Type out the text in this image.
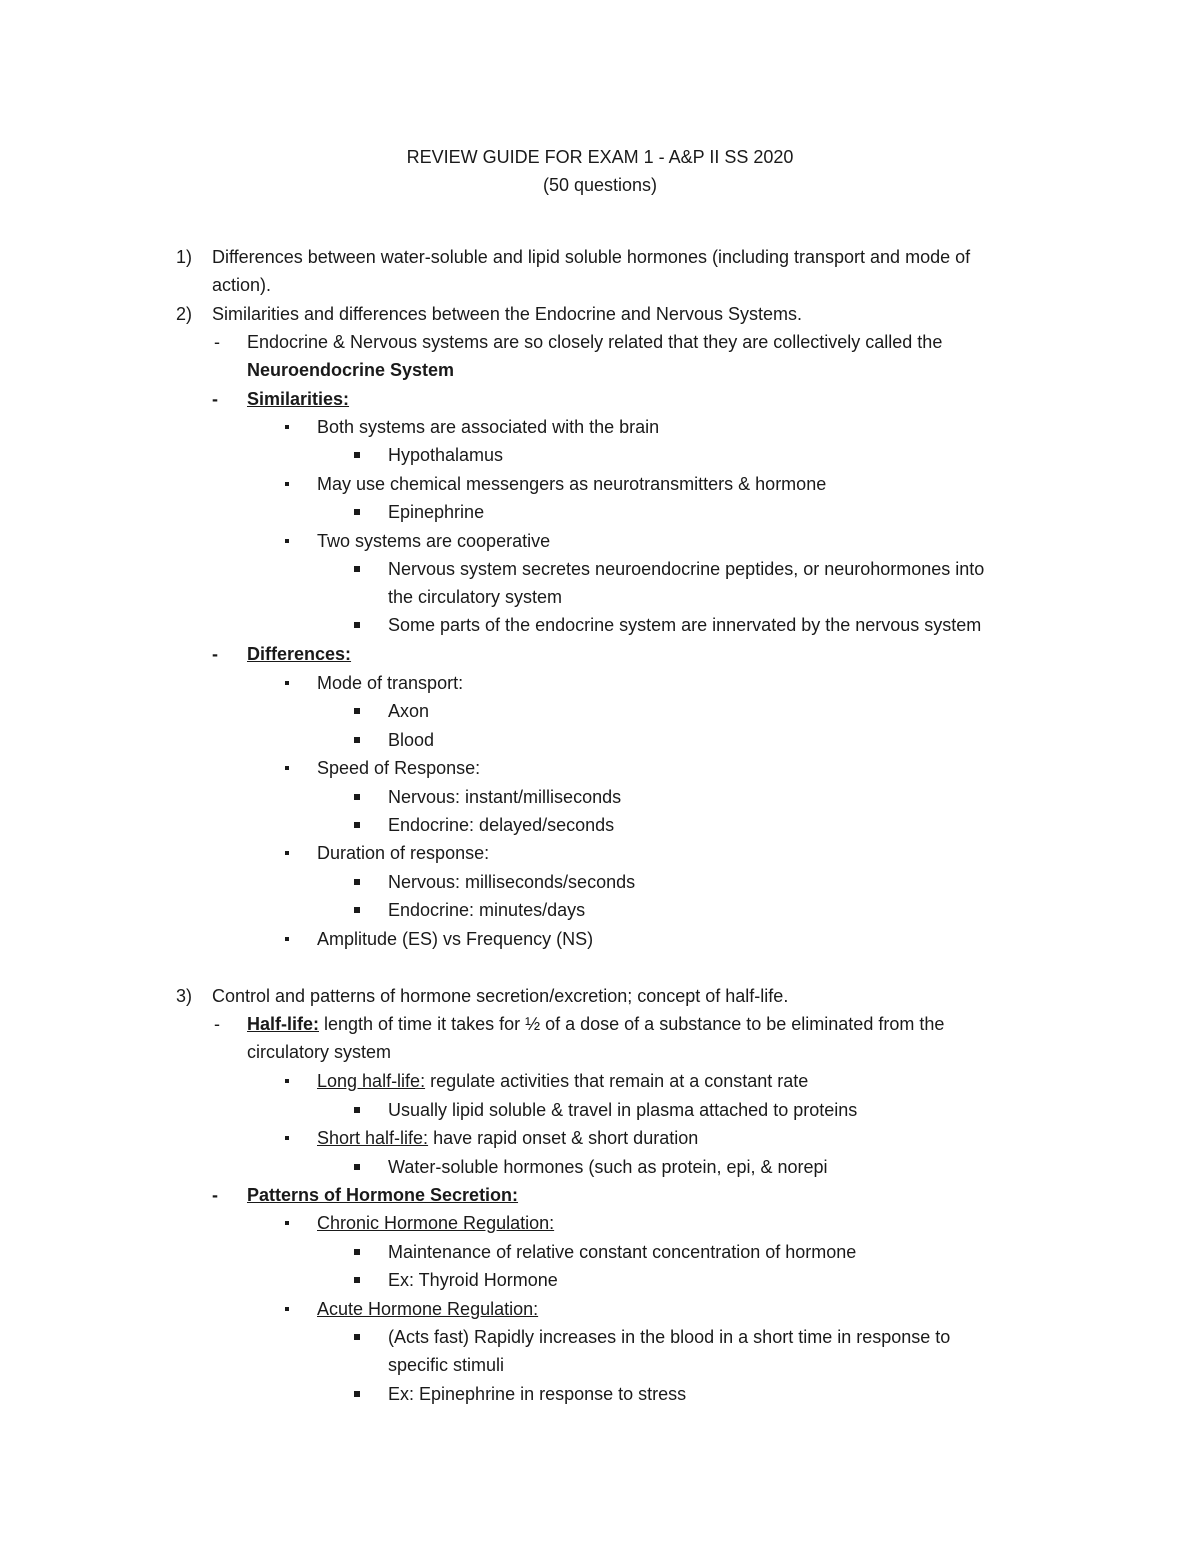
REVIEW GUIDE FOR EXAM 1 - A&P II SS 2020
(50 questions)
1) Differences between water-soluble and lipid soluble hormones (including transport and mode of
action).
2) Similarities and differences between the Endocrine and Nervous Systems.
- Endocrine & Nervous systems are so closely related that they are collectively called the
Neuroendocrine System
- Similarities:
Both systems are associated with the brain
Hypothalamus
May use chemical messengers as neurotransmitters & hormone
Epinephrine
Two systems are cooperative
Nervous system secretes neuroendocrine peptides, or neurohormones into
the circulatory system
Some parts of the endocrine system are innervated by the nervous system
- Differences:
Mode of transport:
Axon
Blood
Speed of Response:
Nervous: instant/milliseconds
Endocrine: delayed/seconds
Duration of response:
Nervous: milliseconds/seconds
Endocrine: minutes/days
Amplitude (ES) vs Frequency (NS)
3) Control and patterns of hormone secretion/excretion; concept of half-life.
- Half-life: length of time it takes for ½ of a dose of a substance to be eliminated from the
circulatory system
Long half-life: regulate activities that remain at a constant rate
Usually lipid soluble & travel in plasma attached to proteins
Short half-life: have rapid onset & short duration
Water-soluble hormones (such as protein, epi, & norepi
- Patterns of Hormone Secretion:
Chronic Hormone Regulation:
Maintenance of relative constant concentration of hormone
Ex: Thyroid Hormone
Acute Hormone Regulation:
(Acts fast) Rapidly increases in the blood in a short time in response to
specific stimuli
Ex: Epinephrine in response to stress
